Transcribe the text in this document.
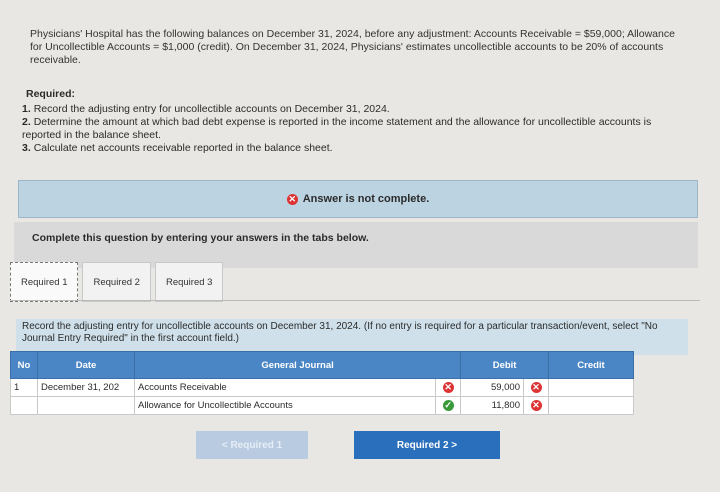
Physicians' Hospital has the following balances on December 31, 2024, before any adjustment: Accounts Receivable = $59,000; Allowance for Uncollectible Accounts = $1,000 (credit). On December 31, 2024, Physicians' estimates uncollectible accounts to be 20% of accounts receivable.

Required:
1. Record the adjusting entry for uncollectible accounts on December 31, 2024.
2. Determine the amount at which bad debt expense is reported in the income statement and the allowance for uncollectible accounts is reported in the balance sheet.
3. Calculate net accounts receivable reported in the balance sheet.
✕ Answer is not complete.
Complete this question by entering your answers in the tabs below.
Required 1	Required 2	Required 3
Record the adjusting entry for uncollectible accounts on December 31, 2024. (If no entry is required for a particular transaction/event, select "No Journal Entry Required" in the first account field.)
No	Date	General Journal		Debit		Credit
1	December 31, 202	Accounts Receivable	✕	59,000	✕	
		Allowance for Uncollectible Accounts	✓	11,800	✕	
< Required 1	Required 2 >
